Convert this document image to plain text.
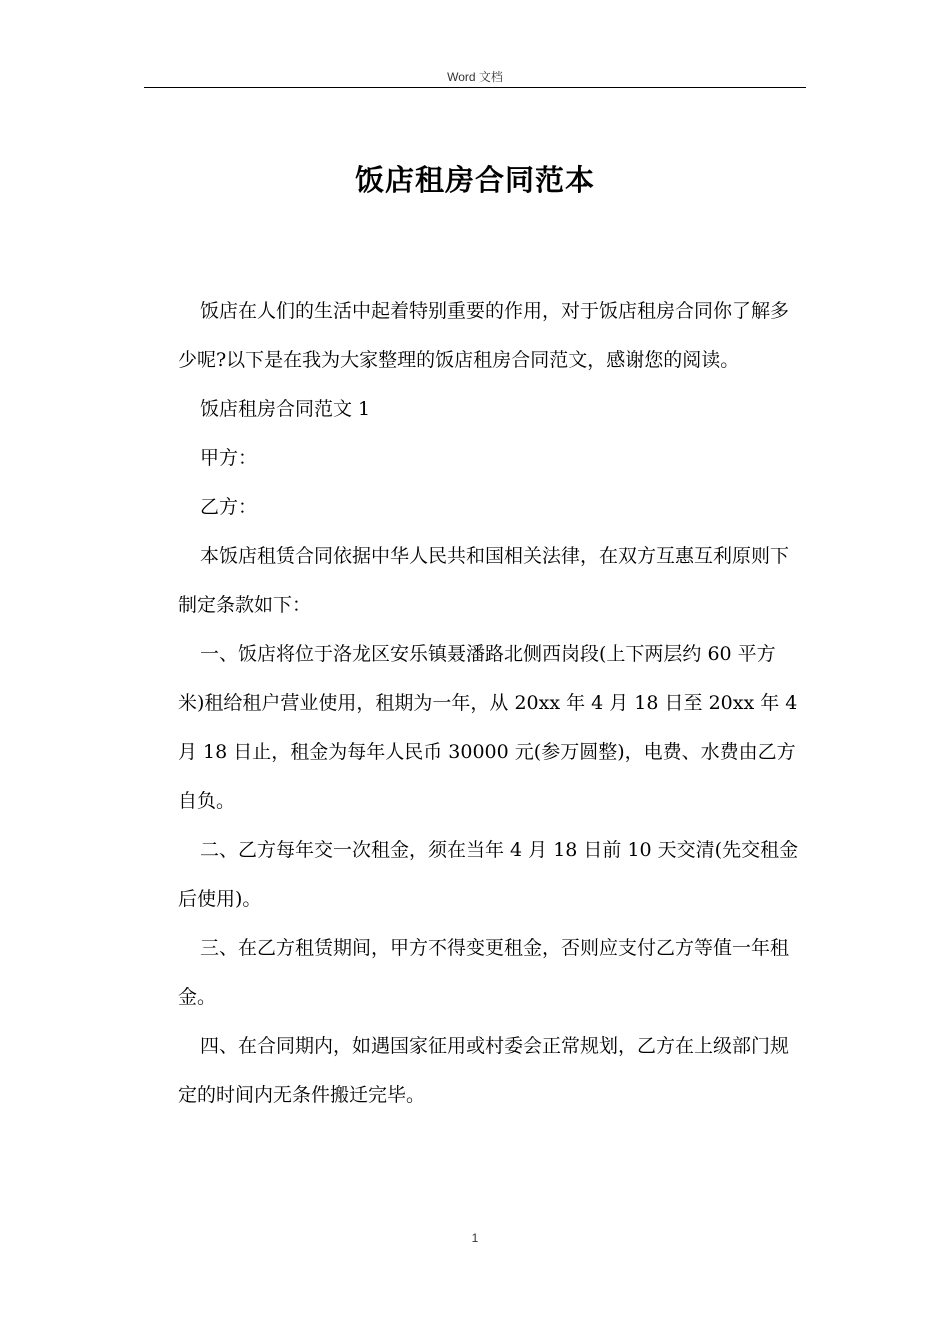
Word 文档
饭店租房合同范本

饭店在人们的生活中起着特别重要的作用，对于饭店租房合同你了解多少呢?以下是在我为大家整理的饭店租房合同范文，感谢您的阅读。

饭店租房合同范文 1

甲方：

乙方：

本饭店租赁合同依据中华人民共和国相关法律，在双方互惠互利原则下制定条款如下：

一、饭店将位于洛龙区安乐镇聂潘路北侧西岗段(上下两层约 60 平方米)租给租户营业使用，租期为一年，从 20xx 年 4 月 18 日至 20xx 年 4 月 18 日止，租金为每年人民币 30000 元(参万圆整)，电费、水费由乙方自负。

二、乙方每年交一次租金，须在当年 4 月 18 日前 10 天交清(先交租金后使用)。

三、在乙方租赁期间，甲方不得变更租金，否则应支付乙方等值一年租金。

四、在合同期内，如遇国家征用或村委会正常规划，乙方在上级部门规定的时间内无条件搬迁完毕。

1
